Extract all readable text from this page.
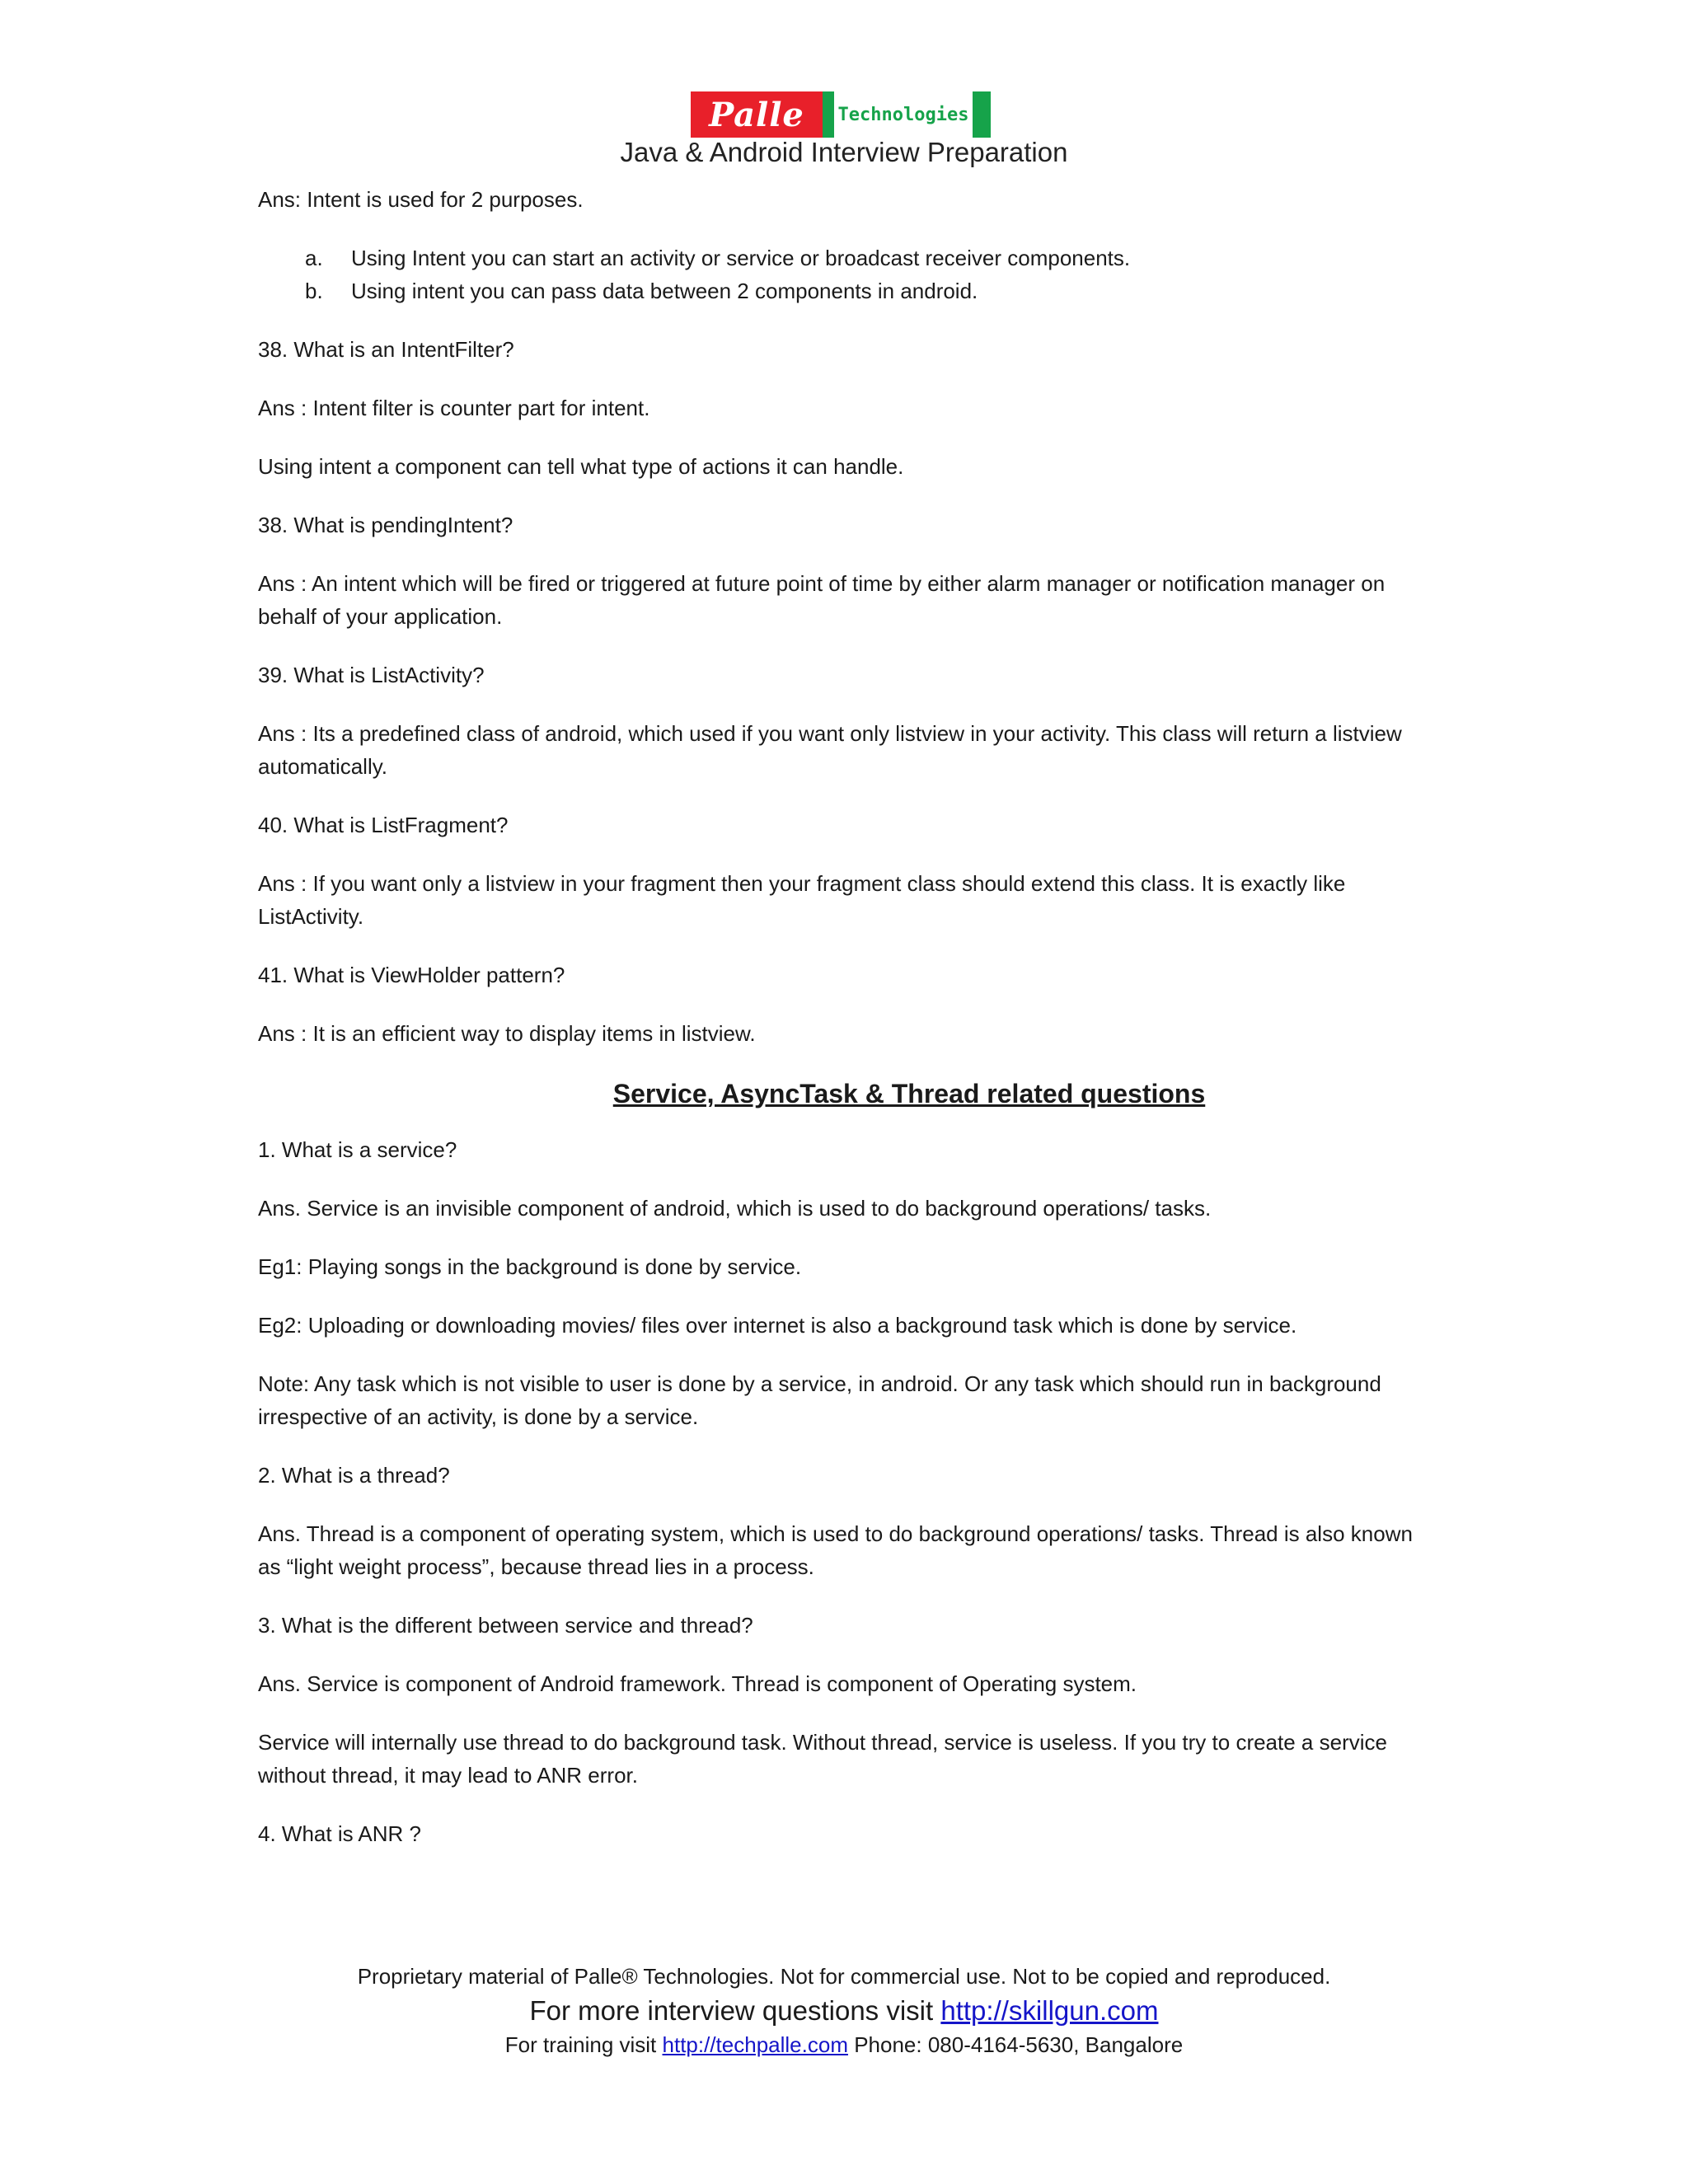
Palle	Technologies
Java & Android Interview Preparation

Ans: Intent is used for 2 purposes.

a. Using Intent you can start an activity or service or broadcast receiver components.
b. Using intent you can pass data between 2 components in android.

38. What is an IntentFilter?

Ans : Intent filter is counter part for intent.

Using intent a component can tell what type of actions it can handle.

38. What is pendingIntent?

Ans : An intent which will be fired or triggered at future point of time by either alarm manager or notification manager on behalf of your application.

39. What is ListActivity?

Ans : Its a predefined class of android, which used if you want only listview in your activity. This class will return a listview automatically.

40. What is ListFragment?

Ans : If you want only a listview in your fragment then your fragment class should extend this class. It is exactly like ListActivity.

41. What is ViewHolder pattern?

Ans : It is an efficient way to display items in listview.

Service, AsyncTask & Thread related questions

1. What is a service?

Ans. Service is an invisible component of android, which is used to do background operations/ tasks.

Eg1: Playing songs in the background is done by service.

Eg2: Uploading or downloading movies/ files over internet is also a background task which is done by service.

Note: Any task which is not visible to user is done by a service, in android. Or any task which should run in background irrespective of an activity, is done by a service.

2. What is a thread?

Ans. Thread is a component of operating system, which is used to do background operations/ tasks. Thread is also known as “light weight process”, because thread lies in a process.

3. What is the different between service and thread?

Ans. Service is component of Android framework. Thread is component of Operating system.

Service will internally use thread to do background task. Without thread, service is useless. If you try to create a service without thread, it may lead to ANR error.

4. What is ANR ?

Proprietary material of Palle® Technologies. Not for commercial use. Not to be copied and reproduced.
For more interview questions visit http://skillgun.com
For training visit http://techpalle.com Phone: 080-4164-5630, Bangalore
